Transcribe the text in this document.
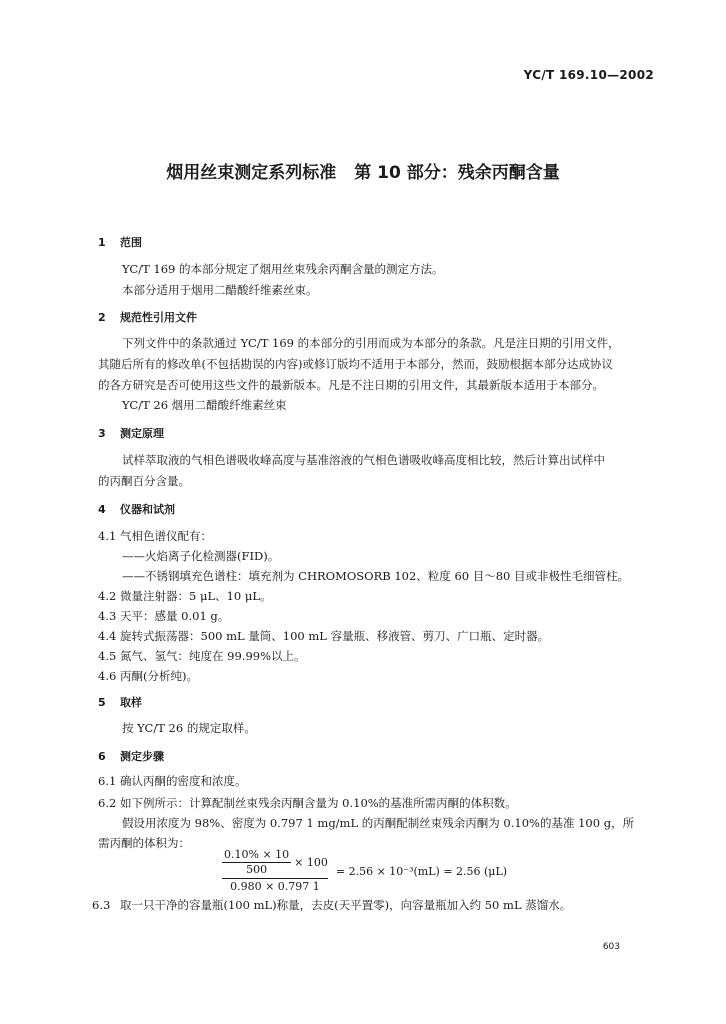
YC/T 169.10—2002
烟用丝束测定系列标准 第 10 部分：残余丙酮含量
1 范围
YC/T 169 的本部分规定了烟用丝束残余丙酮含量的测定方法。
本部分适用于烟用二醋酸纤维素丝束。
2 规范性引用文件
下列文件中的条款通过 YC/T 169 的本部分的引用而成为本部分的条款。凡是注日期的引用文件，
其随后所有的修改单(不包括勘误的内容)或修订版均不适用于本部分，然而，鼓励根据本部分达成协议
的各方研究是否可使用这些文件的最新版本。凡是不注日期的引用文件，其最新版本适用于本部分。
YC/T 26 烟用二醋酸纤维素丝束
3 测定原理
试样萃取液的气相色谱吸收峰高度与基准溶液的气相色谱吸收峰高度相比较，然后计算出试样中
的丙酮百分含量。
4 仪器和试剂
4.1 气相色谱仪配有：
——火焰离子化检测器(FID)。
——不锈钢填充色谱柱：填充剂为 CHROMOSORB 102、粒度 60 目～80 目或非极性毛细管柱。
4.2 微量注射器：5 μL、10 μL。
4.3 天平：感量 0.01 g。
4.4 旋转式振荡器：500 mL 量筒、100 mL 容量瓶、移液管、剪刀、广口瓶、定时器。
4.5 氮气、氢气：纯度在 99.99%以上。
4.6 丙酮(分析纯)。
5 取样
按 YC/T 26 的规定取样。
6 测定步骤
6.1 确认丙酮的密度和浓度。
6.2 如下例所示：计算配制丝束残余丙酮含量为 0.10%的基准所需丙酮的体积数。
假设用浓度为 98%、密度为 0.797 1 mg/mL 的丙酮配制丝束残余丙酮为 0.10%的基准 100 g，所
需丙酮的体积为：
$\frac{\frac{0.10\% \times 10}{500} \times 100}{0.980 \times 0.797 1} = 2.56 \times 10^{-3}(mL) = 2.56$ (μL)
6.3 取一只干净的容量瓶(100 mL)称量，去皮(天平置零)，向容量瓶加入约 50 mL 蒸馏水。
603
